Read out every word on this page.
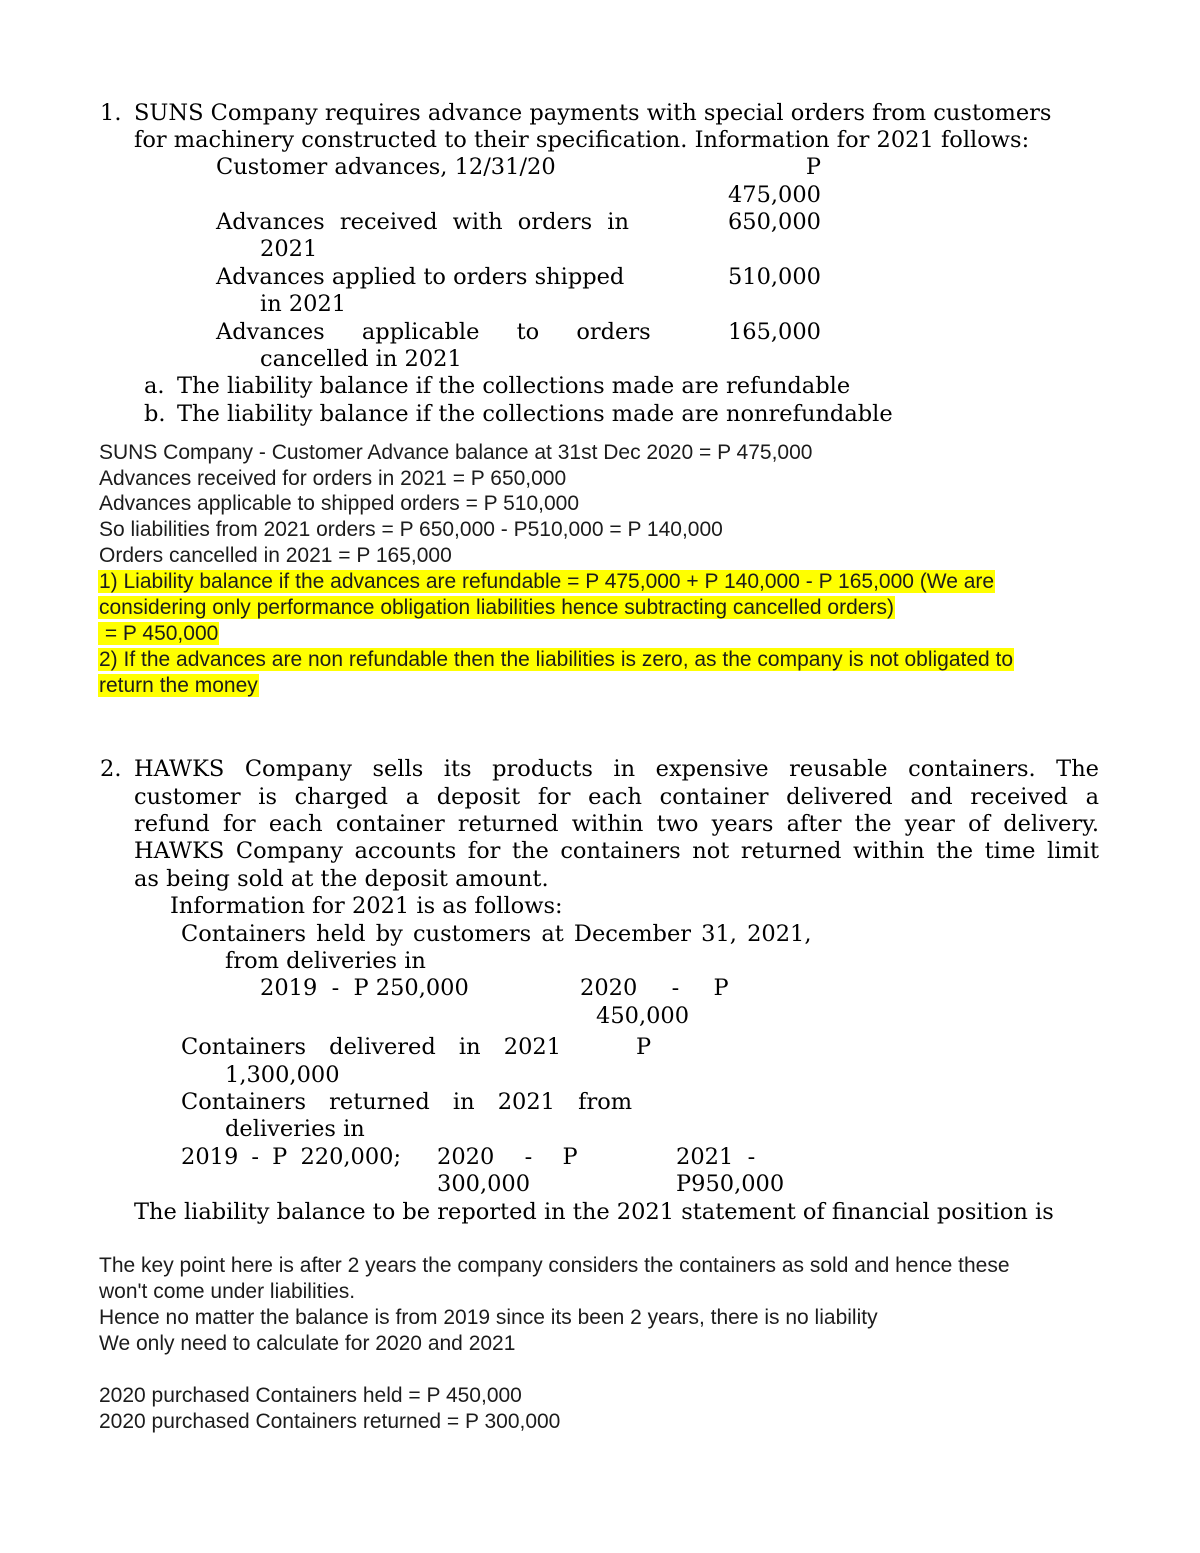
1. SUNS Company requires advance payments with special orders from customers
for machinery constructed to their specification. Information for 2021 follows:
Customer advances, 12/31/20	P
475,000
Advances received with orders in
2021
650,000
Advances applied to orders shipped
in 2021
510,000
Advances applicable to orders
cancelled in 2021
165,000
a. The liability balance if the collections made are refundable
b. The liability balance if the collections made are nonrefundable
SUNS Company - Customer Advance balance at 31st Dec 2020 = P 475,000
Advances received for orders in 2021 = P 650,000
Advances applicable to shipped orders = P 510,000
So liabilities from 2021 orders = P 650,000 - P510,000 = P 140,000
Orders cancelled in 2021 = P 165,000
1) Liability balance if the advances are refundable = P 475,000 + P 140,000 - P 165,000 (We are
considering only performance obligation liabilities hence subtracting cancelled orders)
= P 450,000
2) If the advances are non refundable then the liabilities is zero, as the company is not obligated to
return the money
2. HAWKS Company sells its products in expensive reusable containers. The
customer is charged a deposit for each container delivered and received a
refund for each container returned within two years after the year of delivery.
HAWKS Company accounts for the containers not returned within the time limit
as being sold at the deposit amount.
Information for 2021 is as follows:
Containers held by customers at December 31, 2021,
from deliveries in
2019  -  P 250,000	2020  -  P
450,000
Containers delivered in 2021	P
1,300,000
Containers returned in 2021 from
deliveries in
2019 - P 220,000; 2020  -  P
300,000
2021  -
P950,000
The liability balance to be reported in the 2021 statement of financial position is
The key point here is after 2 years the company considers the containers as sold and hence these
won't come under liabilities.
Hence no matter the balance is from 2019 since its been 2 years, there is no liability
We only need to calculate for 2020 and 2021
2020 purchased Containers held = P 450,000
2020 purchased Containers returned = P 300,000
